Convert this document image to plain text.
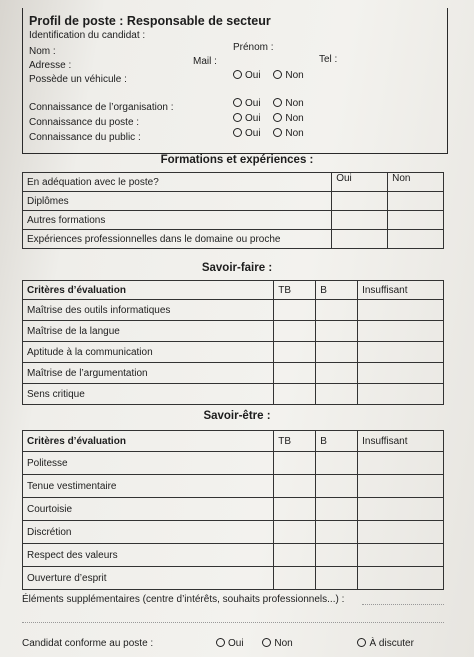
Profil de poste : Responsable de secteur
Identification du candidat :
Nom :	Prénom :
Adresse :	Mail :	Tel :
Possède un véhicule :	Oui Non
Connaissance de l’organisation :	Oui Non
Connaissance du poste :	Oui Non
Connaissance du public :	Oui Non
Formations et expériences :
En adéquation avec le poste?	Oui	Non
Diplômes		
Autres formations		
Expériences professionnelles dans le domaine ou proche		
Savoir-faire :
Critères d’évaluation	TB	B	Insuffisant
Maîtrise des outils informatiques			
Maîtrise de la langue			
Aptitude à la communication			
Maîtrise de l’argumentation			
Sens critique			
Savoir-être :
Critères d’évaluation	TB	B	Insuffisant
Politesse			
Tenue vestimentaire			
Courtoisie			
Discrétion			
Respect des valeurs			
Ouverture d’esprit			
Éléments supplémentaires (centre d’intérêts, souhaits professionnels...) :
Candidat conforme au poste :	Oui	Non	À discuter
